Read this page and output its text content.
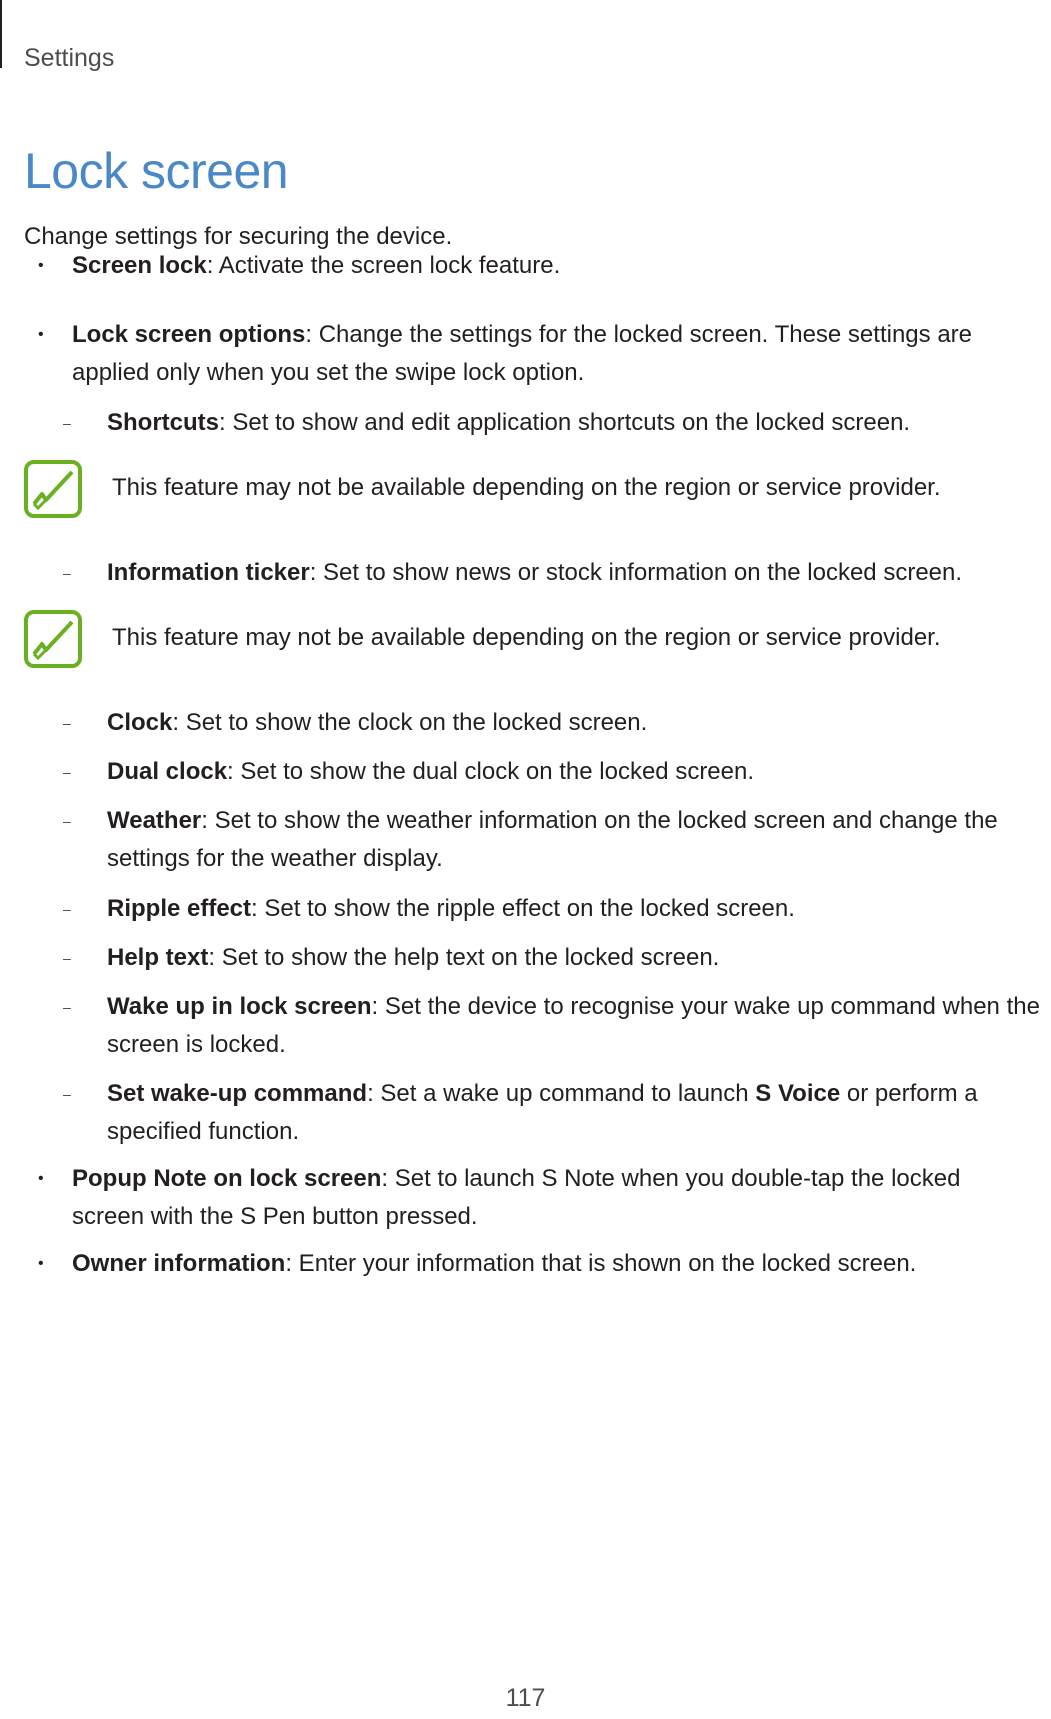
Settings
Lock screen
Change settings for securing the device.
• Screen lock: Activate the screen lock feature.
• Lock screen options: Change the settings for the locked screen. These settings are applied only when you set the swipe lock option.
– Shortcuts: Set to show and edit application shortcuts on the locked screen.
This feature may not be available depending on the region or service provider.
– Information ticker: Set to show news or stock information on the locked screen.
This feature may not be available depending on the region or service provider.
– Clock: Set to show the clock on the locked screen.
– Dual clock: Set to show the dual clock on the locked screen.
– Weather: Set to show the weather information on the locked screen and change the settings for the weather display.
– Ripple effect: Set to show the ripple effect on the locked screen.
– Help text: Set to show the help text on the locked screen.
– Wake up in lock screen: Set the device to recognise your wake up command when the screen is locked.
– Set wake-up command: Set a wake up command to launch S Voice or perform a specified function.
• Popup Note on lock screen: Set to launch S Note when you double-tap the locked screen with the S Pen button pressed.
• Owner information: Enter your information that is shown on the locked screen.
117
